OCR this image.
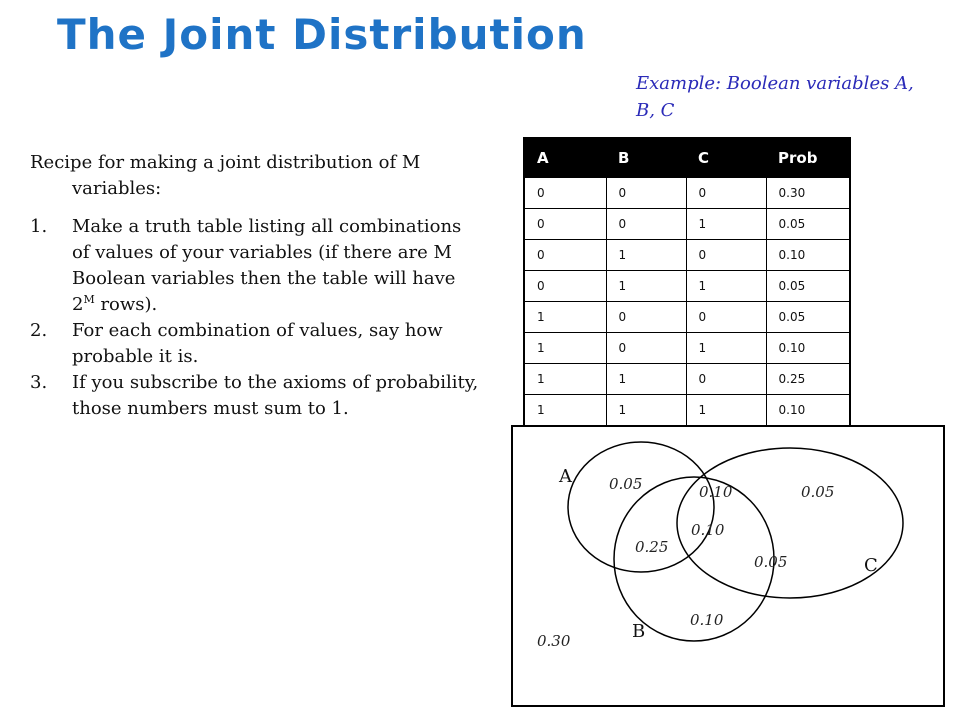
The Joint Distribution
Example: Boolean variables A, B, C

Recipe for making a joint distribution of M variables:

1. Make a truth table listing all combinations of values of your variables (if there are M Boolean variables then the table will have $2^M$ rows).
2. For each combination of values, say how probable it is.
3. If you subscribe to the axioms of probability, those numbers must sum to 1.
A	B	C	Prob
0	0	0	0.30
0	0	1	0.05
0	1	0	0.10
0	1	1	0.05
1	0	0	0.05
1	0	1	0.10
1	1	0	0.25
1	1	1	0.10
A
B
C
0.05	0.10	0.05
0.10
0.25
0.05
0.10
0.30
